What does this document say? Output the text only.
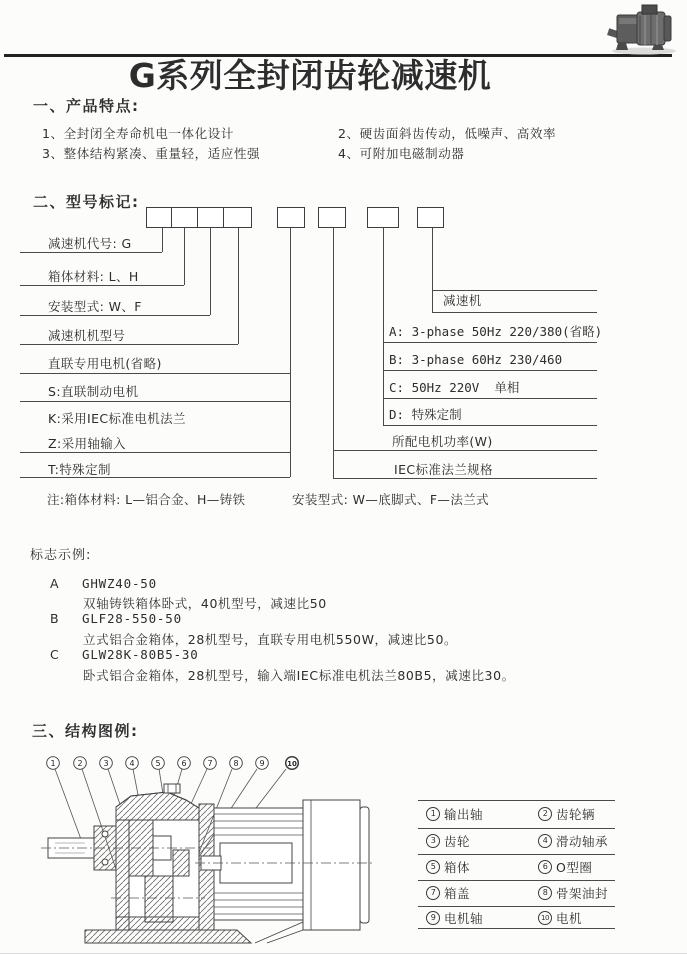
G系列全封闭齿轮减速机
一、产品特点:
1、全封闭全寿命机电一体化设计	2、硬齿面斜齿传动，低噪声、高效率
3、整体结构紧凑、重量轻，适应性强	4、可附加电磁制动器
二、型号标记:
减速机代号: G
箱体材料: L、H
安装型式: W、F
减速机机型号
直联专用电机(省略)
S:直联制动电机
K:采用IEC标准电机法兰
Z:采用轴输入
T:特殊定制
减速机
A: 3-phase 50Hz 220/380(省略)
B: 3-phase 60Hz 230/460
C: 50Hz 220V  单相
D: 特殊定制
所配电机功率(W)
IEC标准法兰规格
注:箱体材料: L—铝合金、H—铸铁	安装型式: W—底脚式、F—法兰式
标志示例:
A GHWZ40-50
双轴铸铁箱体卧式，40机型号，减速比50
B GLF28-550-50
立式铝合金箱体，28机型号，直联专用电机550W，减速比50。
C GLW28K-80B5-30
卧式铝合金箱体，28机型号，输入端IEC标准电机法兰80B5，减速比30。
三、结构图例:
1	2	3	4	5	6	7	8	9	10
1 输出轴	2 齿轮辆
3 齿轮	4 滑动轴承
5 箱体	6 O型圈
7 箱盖	8 骨架油封
9 电机轴	10 电机
